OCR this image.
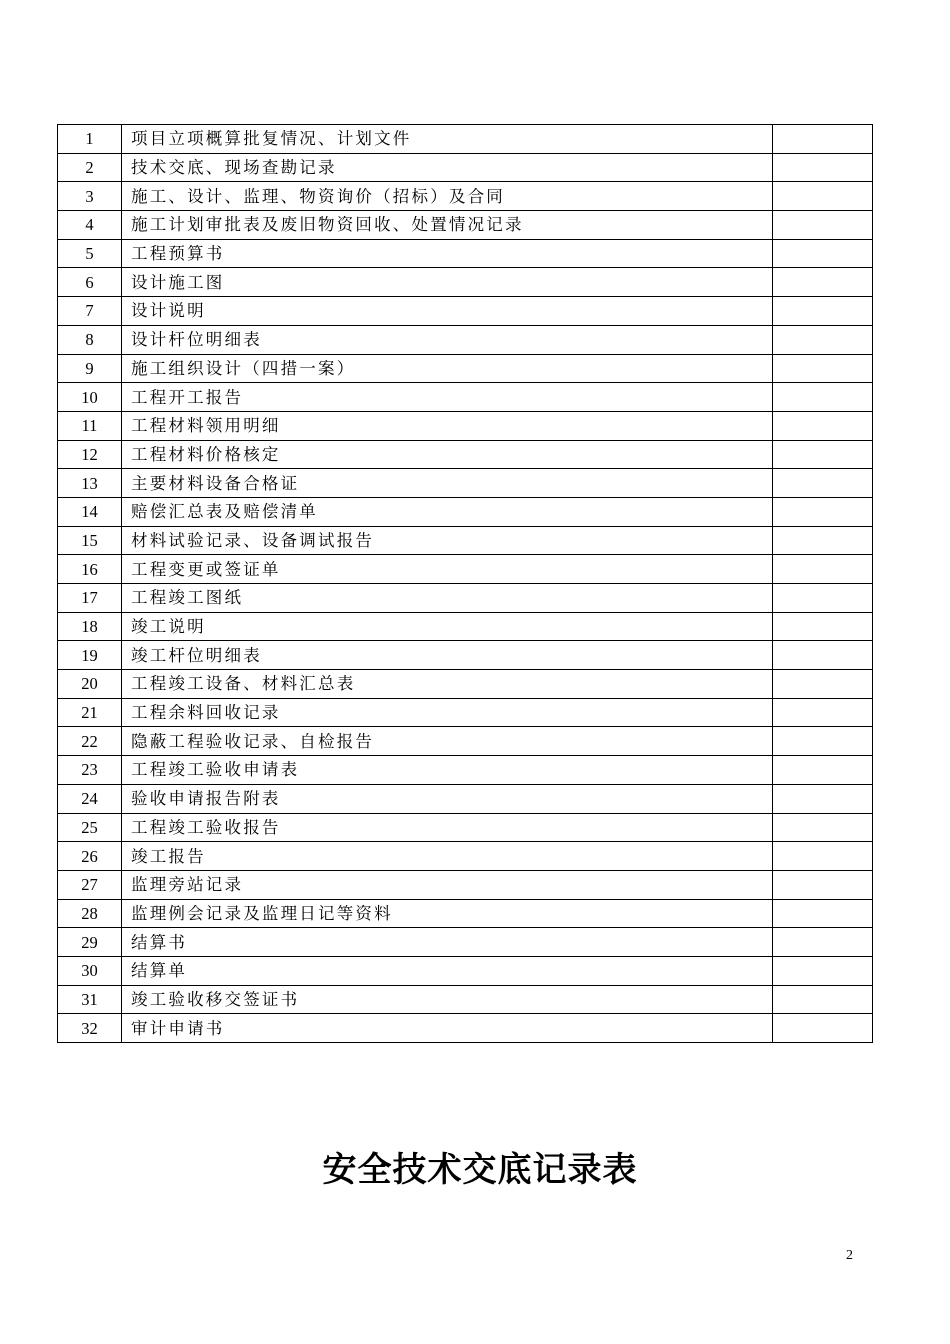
1	项目立项概算批复情况、计划文件	
2	技术交底、现场查勘记录	
3	施工、设计、监理、物资询价（招标）及合同	
4	施工计划审批表及废旧物资回收、处置情况记录	
5	工程预算书	
6	设计施工图	
7	设计说明	
8	设计杆位明细表	
9	施工组织设计（四措一案）	
10	工程开工报告	
11	工程材料领用明细	
12	工程材料价格核定	
13	主要材料设备合格证	
14	赔偿汇总表及赔偿清单	
15	材料试验记录、设备调试报告	
16	工程变更或签证单	
17	工程竣工图纸	
18	竣工说明	
19	竣工杆位明细表	
20	工程竣工设备、材料汇总表	
21	工程余料回收记录	
22	隐蔽工程验收记录、自检报告	
23	工程竣工验收申请表	
24	验收申请报告附表	
25	工程竣工验收报告	
26	竣工报告	
27	监理旁站记录	
28	监理例会记录及监理日记等资料	
29	结算书	
30	结算单	
31	竣工验收移交签证书	
32	审计申请书	
安全技术交底记录表
2
